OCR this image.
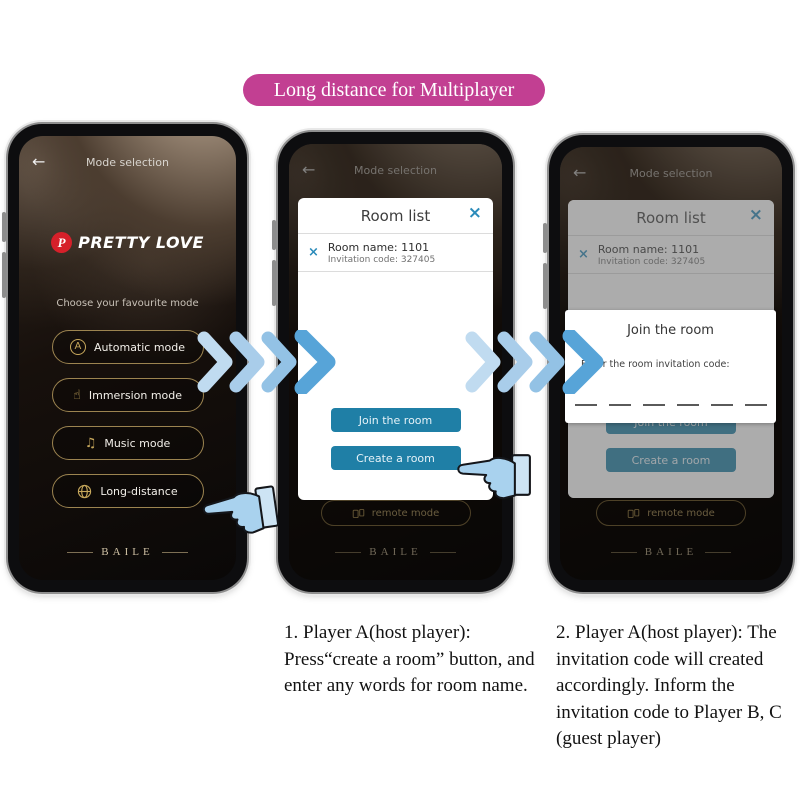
Long distance for Multiplayer
←	Mode selection
P PRETTY LOVE
Choose your favourite mode
A	Automatic mode
☝ Immersion mode
♫ Music mode
Long-distance
BAILE
←	Mode selection
remote mode
BAILE
Room list ×
× Room name: 1101
Invitation code: 327405
Join the room
Create a room
←	Mode selection
remote mode
BAILE
Join the room
Enter the room invitation code:

1. Player A(host player): Press“create a room” button, and enter any words for room name.

2. Player A(host player): The invitation code will created accordingly. Inform the invitation code to Player B, C (guest player)
